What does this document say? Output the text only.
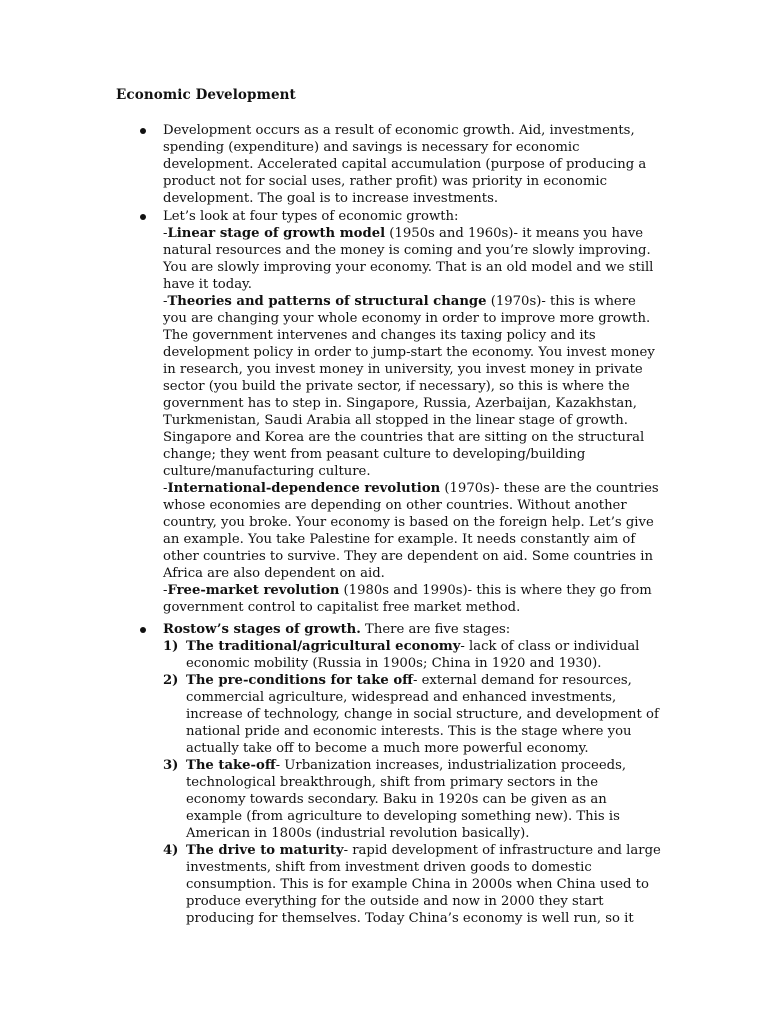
Economic Development

Development occurs as a result of economic growth. Aid, investments, spending (expenditure) and savings is necessary for economic development. Accelerated capital accumulation (purpose of producing a product not for social uses, rather profit) was priority in economic development. The goal is to increase investments.

Let’s look at four types of economic growth:

-Linear stage of growth model (1950s and 1960s)- it means you have natural resources and the money is coming and you’re slowly improving. You are slowly improving your economy. That is an old model and we still have it today.

-Theories and patterns of structural change (1970s)- this is where you are changing your whole economy in order to improve more growth. The government intervenes and changes its taxing policy and its development policy in order to jump-start the economy. You invest money in research, you invest money in university, you invest money in private sector (you build the private sector, if necessary), so this is where the government has to step in. Singapore, Russia, Azerbaijan, Kazakhstan, Turkmenistan, Saudi Arabia all stopped in the linear stage of growth. Singapore and Korea are the countries that are sitting on the structural change; they went from peasant culture to developing/building culture/manufacturing culture.

-International-dependence revolution (1970s)- these are the countries whose economies are depending on other countries. Without another country, you broke. Your economy is based on the foreign help. Let’s give an example. You take Palestine for example. It needs constantly aim of other countries to survive. They are dependent on aid. Some countries in Africa are also dependent on aid.

-Free-market revolution (1980s and 1990s)- this is where they go from government control to capitalist free market method.

Rostow’s stages of growth. There are five stages:

1) The traditional/agricultural economy- lack of class or individual economic mobility (Russia in 1900s; China in 1920 and 1930).

2) The pre-conditions for take off- external demand for resources, commercial agriculture, widespread and enhanced investments, increase of technology, change in social structure, and development of national pride and economic interests. This is the stage where you actually take off to become a much more powerful economy.

3) The take-off- Urbanization increases, industrialization proceeds, technological breakthrough, shift from primary sectors in the economy towards secondary. Baku in 1920s can be given as an example (from agriculture to developing something new). This is American in 1800s (industrial revolution basically).

4) The drive to maturity- rapid development of infrastructure and large investments, shift from investment driven goods to domestic consumption. This is for example China in 2000s when China used to produce everything for the outside and now in 2000 they start producing for themselves. Today China’s economy is well run, so it
